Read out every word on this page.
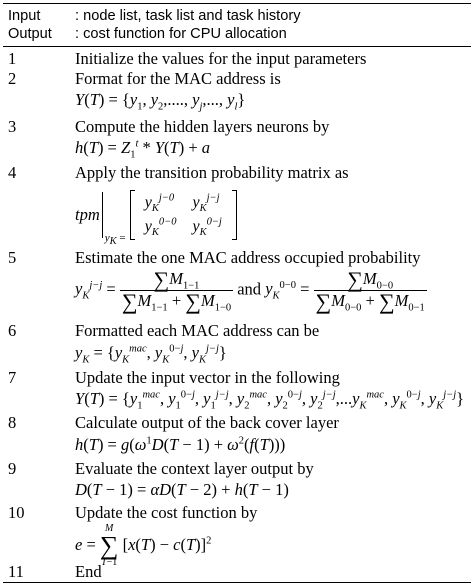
Input : node list, task list and task history
Output : cost function for CPU allocation
1	Initialize the values for the input parameters
2	Format for the MAC address is
$Y(T) = \{y_1$, $y_2$,...., $y_j$,..., $y_l$}
3	Compute the hidden layers neurons by
$h(T) = Z_1^t * Y(T) + a$
4	Apply the transition probability matrix as
tpmy$_K$ =
$y_K^{j-0}$	$y_K^{j-j}$
$y_K^{0-0}$	$y_K^{0-j}$
5	Estimate the one MAC address occupied probability
$y_K^{j-j} = \frac{\sum M_{1-1}}{\sum M_{1-1} + \sum M_{1-0}}$ and $y_K^{0-0} = \frac{\sum M_{0-0}}{\sum M_{0-0} + \sum M_{0-1}}$
6	Formatted each MAC address can be
$y_K = \{y_K^{mac}$, $y_K^{0-j}$, $y_K^{j-j}$}
7	Update the input vector in the following
$Y(T) = \{y_1^{mac}$, $y_1^{0-j}$, $y_1^{j-j}$, $y_2^{mac}$, $y_2^{0-j}$, $y_2^{j-j},...y_K^{mac}$, $y_K^{0-j}$, $y_K^{j-j}$}
8	Calculate output of the back cover layer
$h(T) = g(\omega^1D(T - 1) + \omega^2(f(T)))$
9	Evaluate the context layer output by
D(T − 1) = αD(T − 2) + h(T − 1)
10	Update the cost function by
e = M
∑
T−1 $[x(T) - c(T)]^2$
11	End
